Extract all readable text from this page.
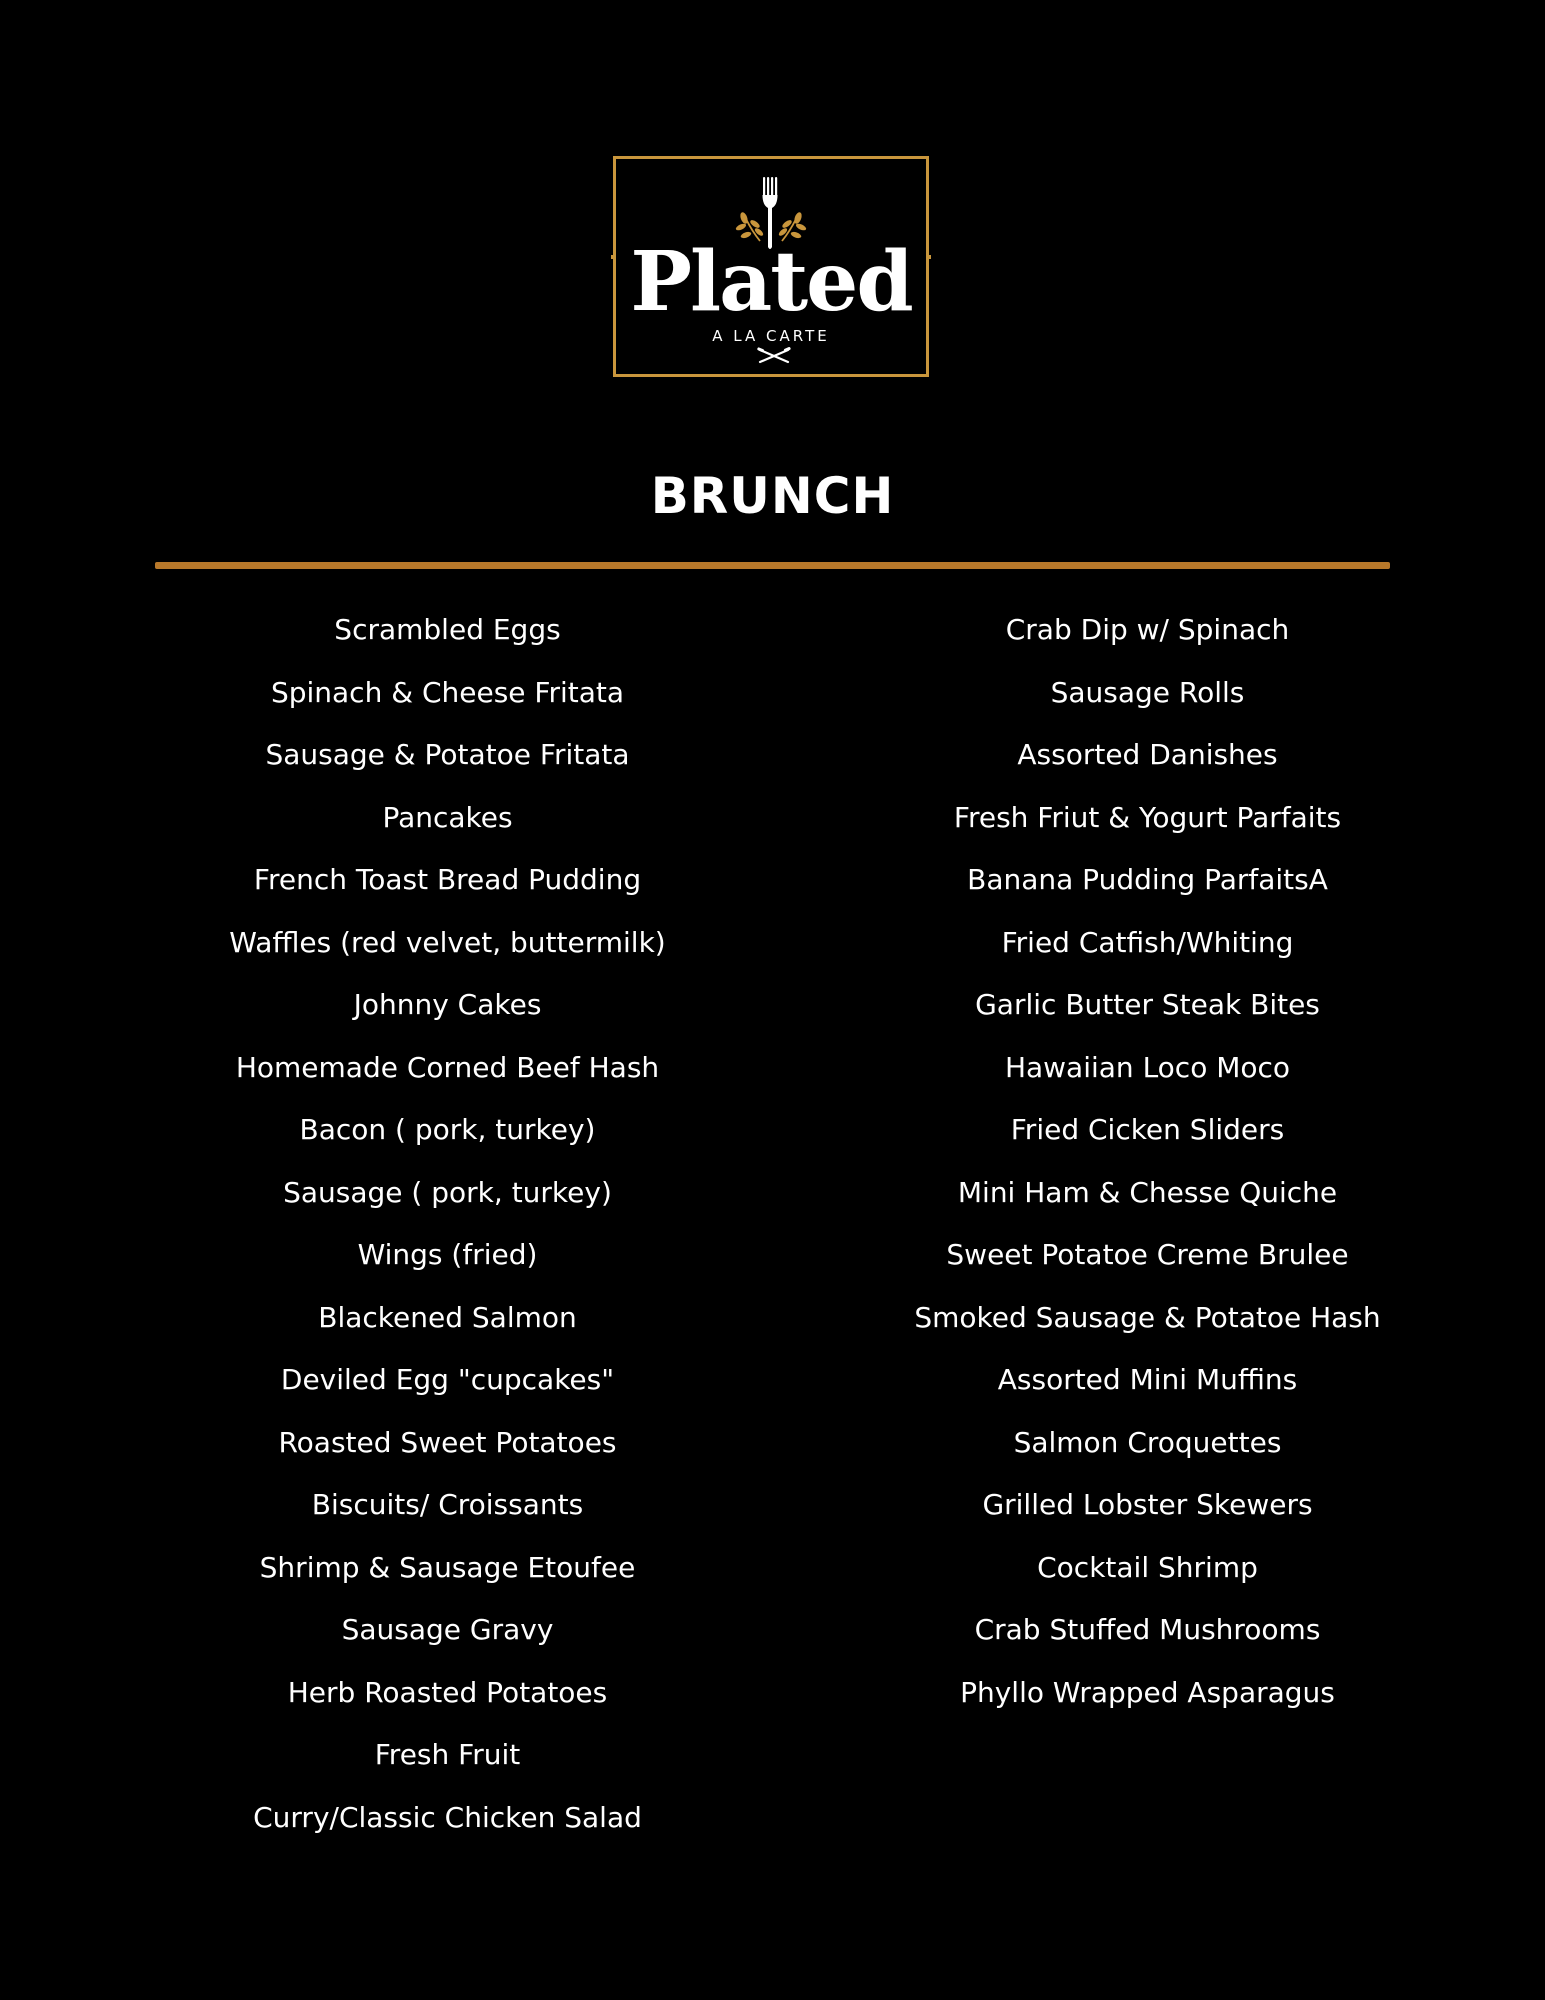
Plated
A LA CARTE
BRUNCH
Scrambled Eggs
Spinach & Cheese Fritata
Sausage & Potatoe Fritata
Pancakes
French Toast Bread Pudding
Waffles (red velvet, buttermilk)
Johnny Cakes
Homemade Corned Beef Hash
Bacon ( pork, turkey)
Sausage ( pork, turkey)
Wings (fried)
Blackened Salmon
Deviled Egg "cupcakes"
Roasted Sweet Potatoes
Biscuits/ Croissants
Shrimp & Sausage Etoufee
Sausage Gravy
Herb Roasted Potatoes
Fresh Fruit
Curry/Classic Chicken Salad
Crab Dip w/ Spinach
Sausage Rolls
Assorted Danishes
Fresh Friut & Yogurt Parfaits
Banana Pudding ParfaitsA
Fried Catfish/Whiting
Garlic Butter Steak Bites
Hawaiian Loco Moco
Fried Cicken Sliders
Mini Ham & Chesse Quiche
Sweet Potatoe Creme Brulee
Smoked Sausage & Potatoe Hash
Assorted Mini Muffins
Salmon Croquettes
Grilled Lobster Skewers
Cocktail Shrimp
Crab Stuffed Mushrooms
Phyllo Wrapped Asparagus
